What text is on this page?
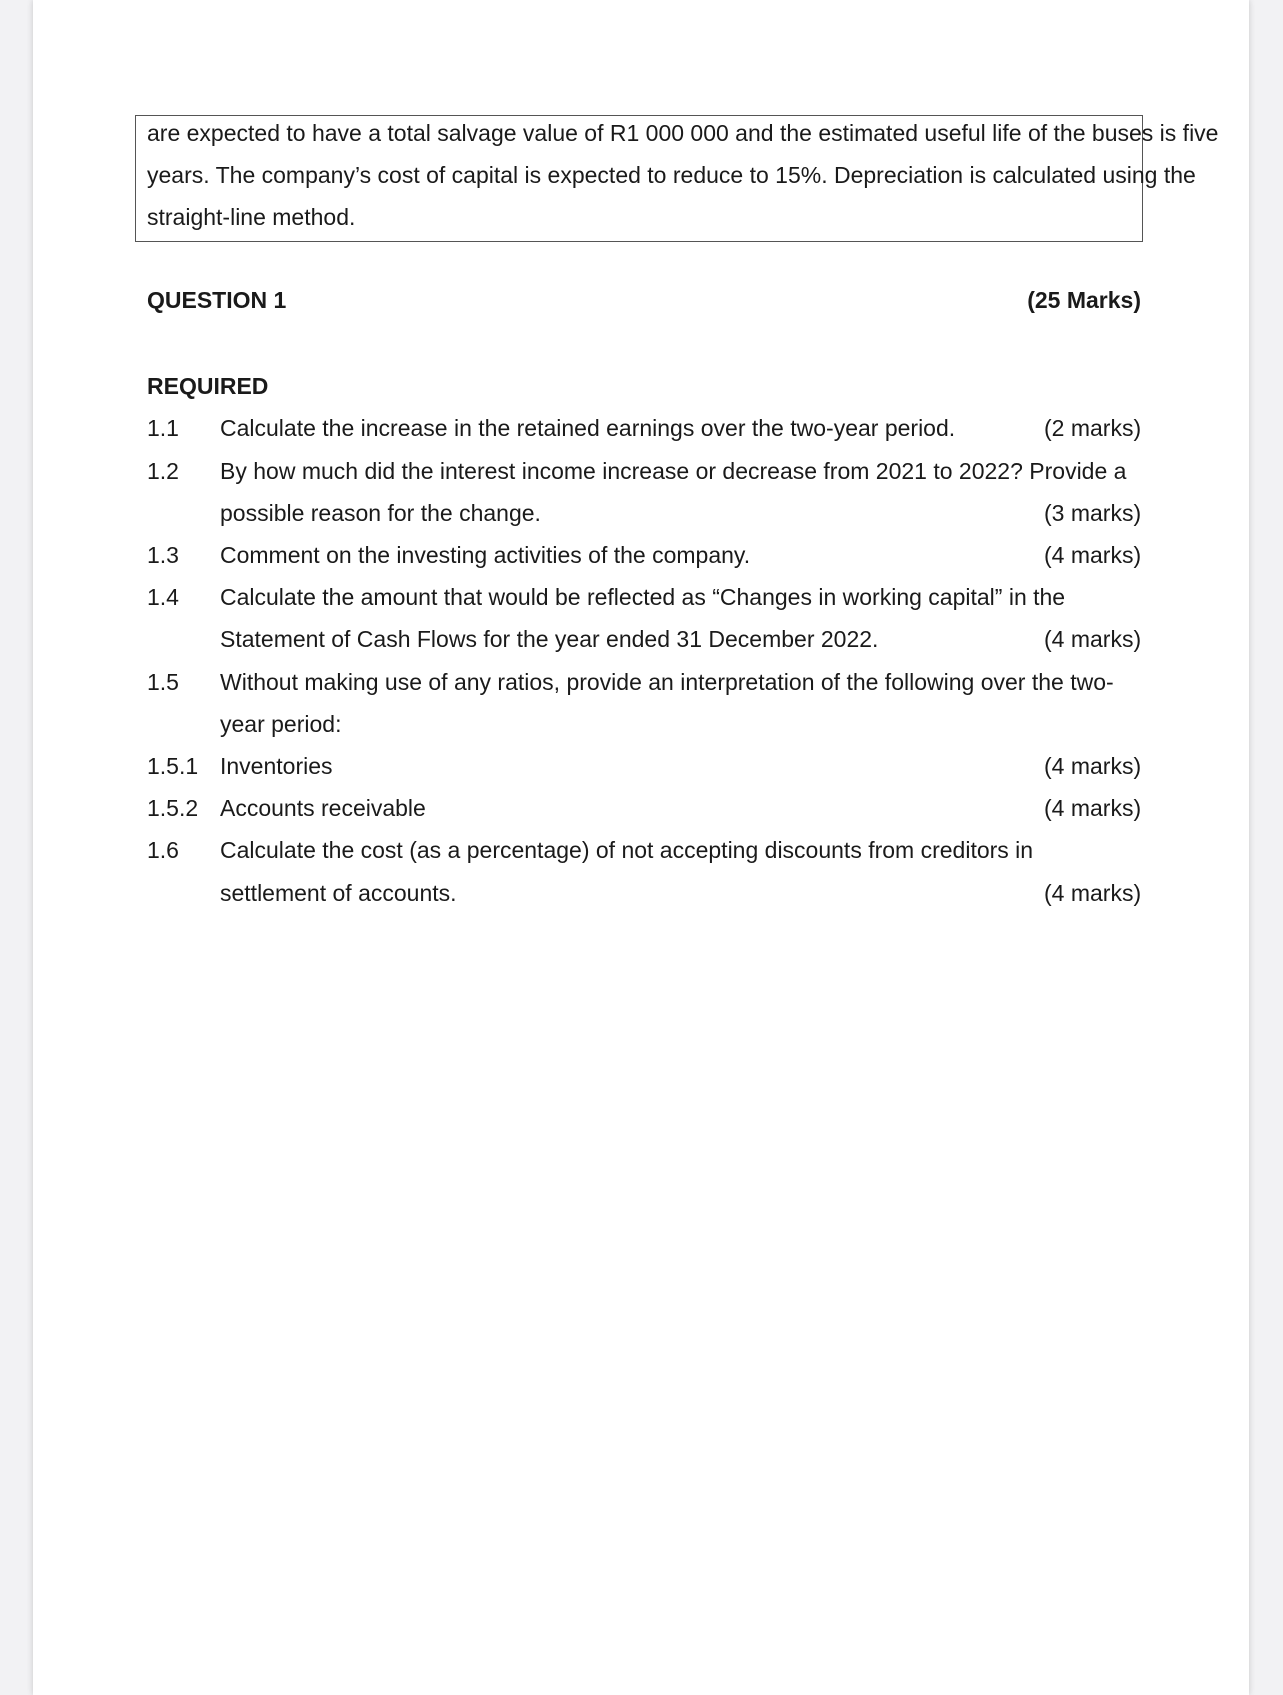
are expected to have a total salvage value of R1 000 000 and the estimated useful life of the buses is five
years. The company’s cost of capital is expected to reduce to 15%. Depreciation is calculated using the
straight-line method.
QUESTION 1	(25 Marks)
REQUIRED
1.1 Calculate the increase in the retained earnings over the two-year period.	(2 marks)
1.2 By how much did the interest income increase or decrease from 2021 to 2022? Provide a
possible reason for the change.	(3 marks)
1.3 Comment on the investing activities of the company.	(4 marks)
1.4 Calculate the amount that would be reflected as “Changes in working capital” in the
Statement of Cash Flows for the year ended 31 December 2022.	(4 marks)
1.5 Without making use of any ratios, provide an interpretation of the following over the two-
year period:
1.5.1 Inventories	(4 marks)
1.5.2 Accounts receivable	(4 marks)
1.6 Calculate the cost (as a percentage) of not accepting discounts from creditors in
settlement of accounts.	(4 marks)
